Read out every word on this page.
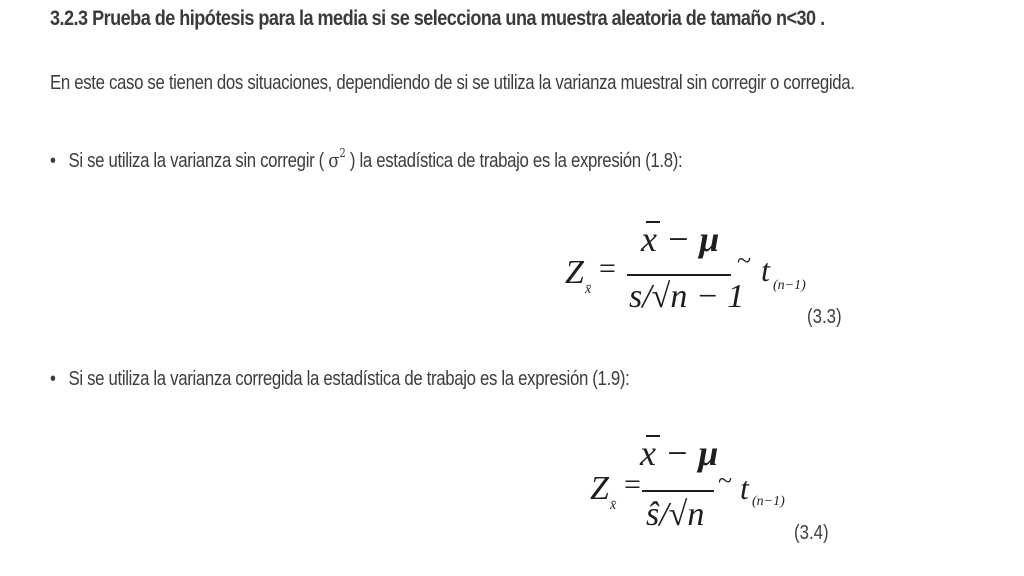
3.2.3 Prueba de hipótesis para la media si se selecciona una muestra aleatoria de tamaño n<30 .
En este caso se tienen dos situaciones, dependiendo de si se utiliza la varianza muestral sin corregir o corregida.
• Si se utiliza la varianza sin corregir ( $\sigma^2$ ) la estadística de trabajo es la expresión (1.8):
Z x̄
=
x − μ
s/√n − 1
~ t (n−1)
(3.3)
• Si se utiliza la varianza corregida la estadística de trabajo es la expresión (1.9):
Z x̄
=
x − μ
ŝ/√n
~ t (n−1)
(3.4)
